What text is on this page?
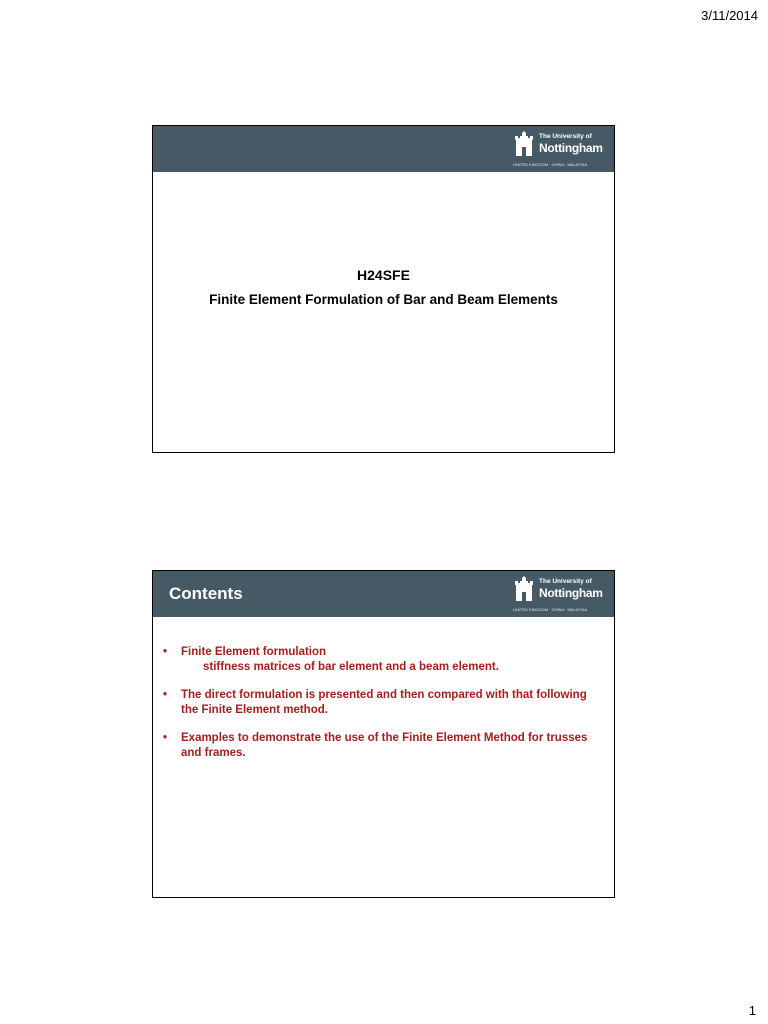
3/11/2014
The University of
Nottingham
UNITED KINGDOM · CHINA · MALAYSIA
H24SFE
Finite Element Formulation of Bar and Beam Elements
Contents
The University of
Nottingham
UNITED KINGDOM · CHINA · MALAYSIA
• Finite Element formulation
stiffness matrices of bar element and a beam element.
• The direct formulation is presented and then compared with that following the Finite Element method.
• Examples to demonstrate the use of the Finite Element Method for trusses and frames.
1
